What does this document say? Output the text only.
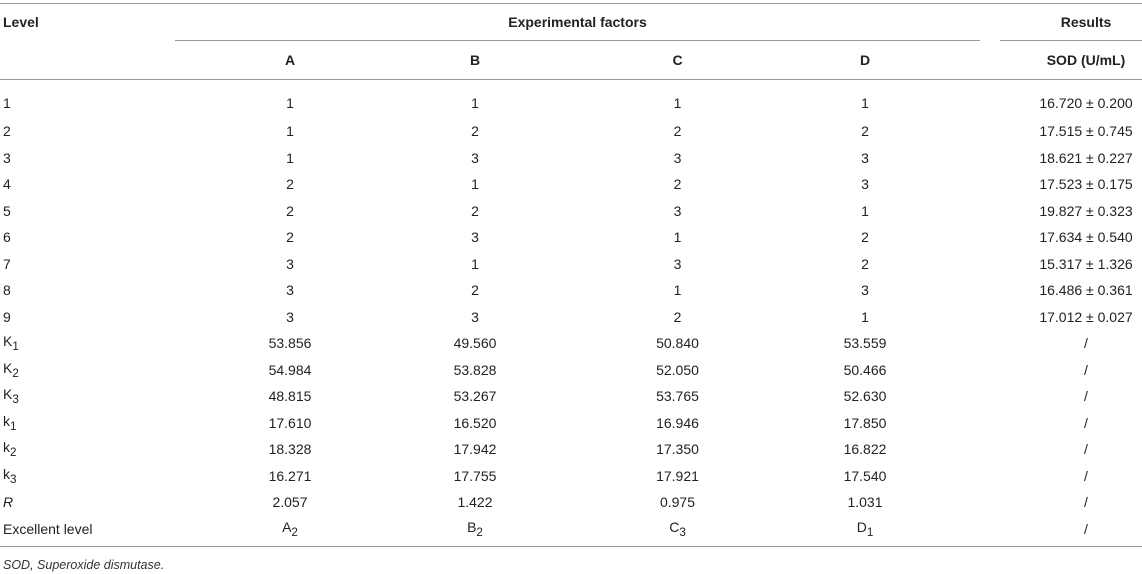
Level	Experimental factors					Results
	A	B	C	D		SOD (U/mL)
1	1	1	1	1		16.720 ± 0.200
2	1	2	2	2		17.515 ± 0.745
3	1	3	3	3		18.621 ± 0.227
4	2	1	2	3		17.523 ± 0.175
5	2	2	3	1		19.827 ± 0.323
6	2	3	1	2		17.634 ± 0.540
7	3	1	3	2		15.317 ± 1.326
8	3	2	1	3		16.486 ± 0.361
9	3	3	2	1		17.012 ± 0.027
$K_1$	53.856	49.560	50.840	53.559		/
$K_2$	54.984	53.828	52.050	50.466		/
$K_3$	48.815	53.267	53.765	52.630		/
$k_1$	17.610	16.520	16.946	17.850		/
$k_2$	18.328	17.942	17.350	16.822		/
$k_3$	16.271	17.755	17.921	17.540		/
R	2.057	1.422	0.975	1.031		/
Excellent level	$A_2$	$B_2$	$C_3$	$D_1$		/
SOD, Superoxide dismutase.
